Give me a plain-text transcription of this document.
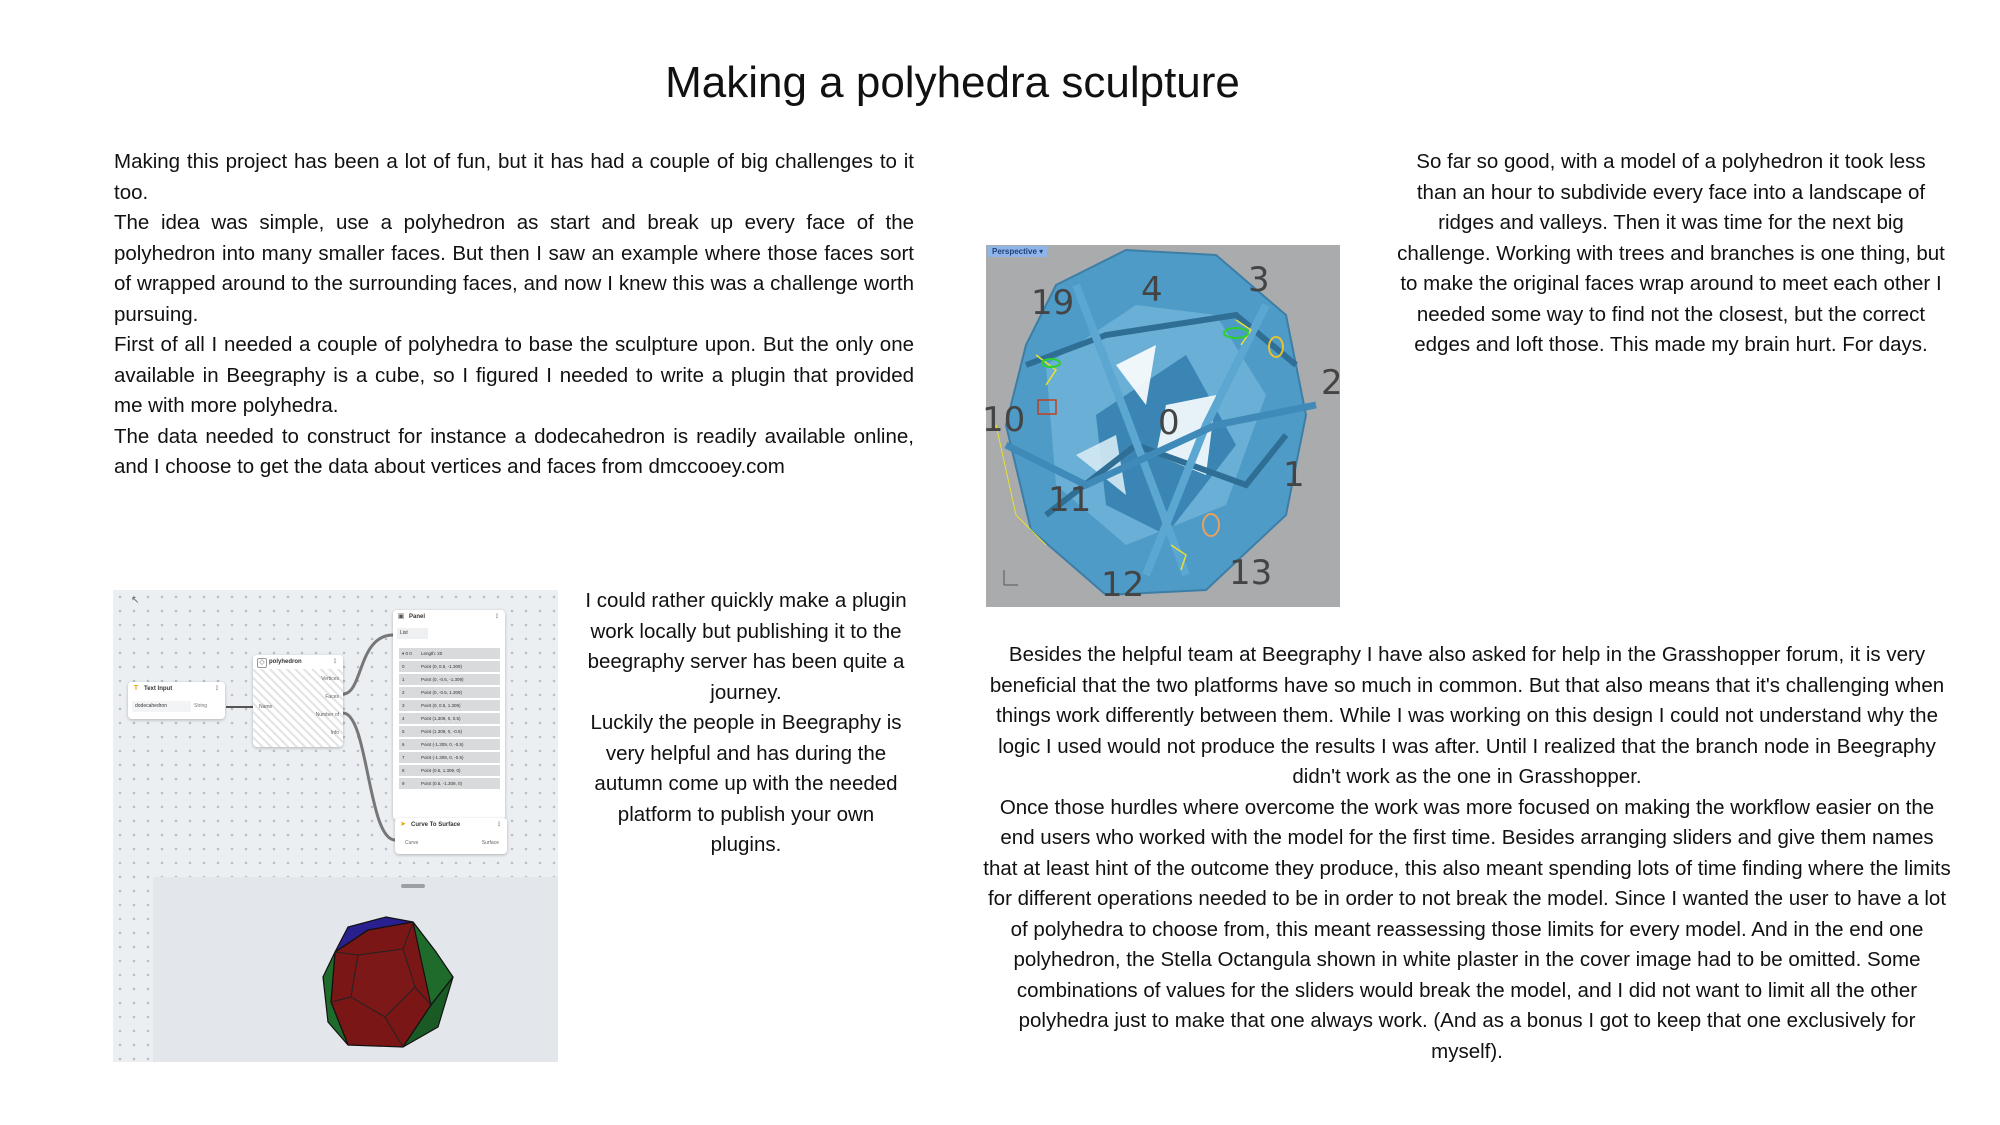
Making a polyhedra sculpture

Making this project has been a lot of fun, but it has had a couple of big challenges to it too.

The idea was simple, use a polyhedron as start and break up every face of the polyhedron into many smaller faces. But then I saw an example where those faces sort of wrapped around to the surrounding faces, and now I knew this was a challenge worth pursuing.

First of all I needed a couple of polyhedra to base the sculpture upon. But the only one available in Beegraphy is a cube, so I figured I needed to write a plugin that provided me with more polyhedra.

The data needed to construct for instance a dodecahedron is readily available online, and I choose to get the data about vertices and faces from dmccooey.com

So far so good, with a model of a polyhedron it took less than an hour to subdivide every face into a landscape of ridges and valleys. Then it was time for the next big challenge. Working with trees and branches is one thing, but to make the original faces wrap around to meet each other I needed some way to find not the closest, but the correct edges and loft those. This made my brain hurt. For days.

I could rather quickly make a plugin work locally but publishing it to the beegraphy server has been quite a journey.

Luckily the people in Beegraphy is very helpful and has during the autumn come up with the needed platform to publish your own plugins.

Besides the helpful team at Beegraphy I have also asked for help in the Grasshopper forum, it is very beneficial that the two platforms have so much in common. But that also means that it's challenging when things work differently between them. While I was working on this design I could not understand why the logic I used would not produce the results I was after. Until I realized that the branch node in Beegraphy didn't work as the one in Grasshopper.

Once those hurdles where overcome the work was more focused on making the workflow easier on the end users who worked with the model for the first time. Besides arranging sliders and give them names that at least hint of the outcome they produce, this also meant spending lots of time finding where the limits for different operations needed to be in order to not break the model. Since I wanted the user to have a lot of polyhedra to choose from, this meant reassessing those limits for every model. And in the end one polyhedron, the Stella Octangula shown in white plaster in the cover image had to be omitted. Some combinations of values for the sliders would break the model, and I did not want to limit all the other polyhedra just to make that one always work. (And as a bonus I got to keep that one exclusively for myself).

↖
T Text Input	⋮
dodecahedron	String
◇ polyhedron	⋮
Name
Vertices
Faces
Number of
Info
▣ Panel	⋮
List
▾ 0 0 Length: 20
0	Point (0, 0.5, -1.309)
1	Point (0, -0.5, -1.309)
2	Point (0, -0.5, 1.309)
3	Point (0, 0.5, 1.309)
4	Point (1.309, 0, 0.5)
5	Point (1.309, 0, -0.5)
6	Point (-1.309, 0, -0.5)
7	Point (-1.309, 0, -0.5)
8	Point (0.5, 1.309, 0)
9	Point (0.5, -1.309, 0)
➤ Curve To Surface	⋮
Curve	Surface
Perspective ▾
0
1
2
3
4
10
11
12 13
19
